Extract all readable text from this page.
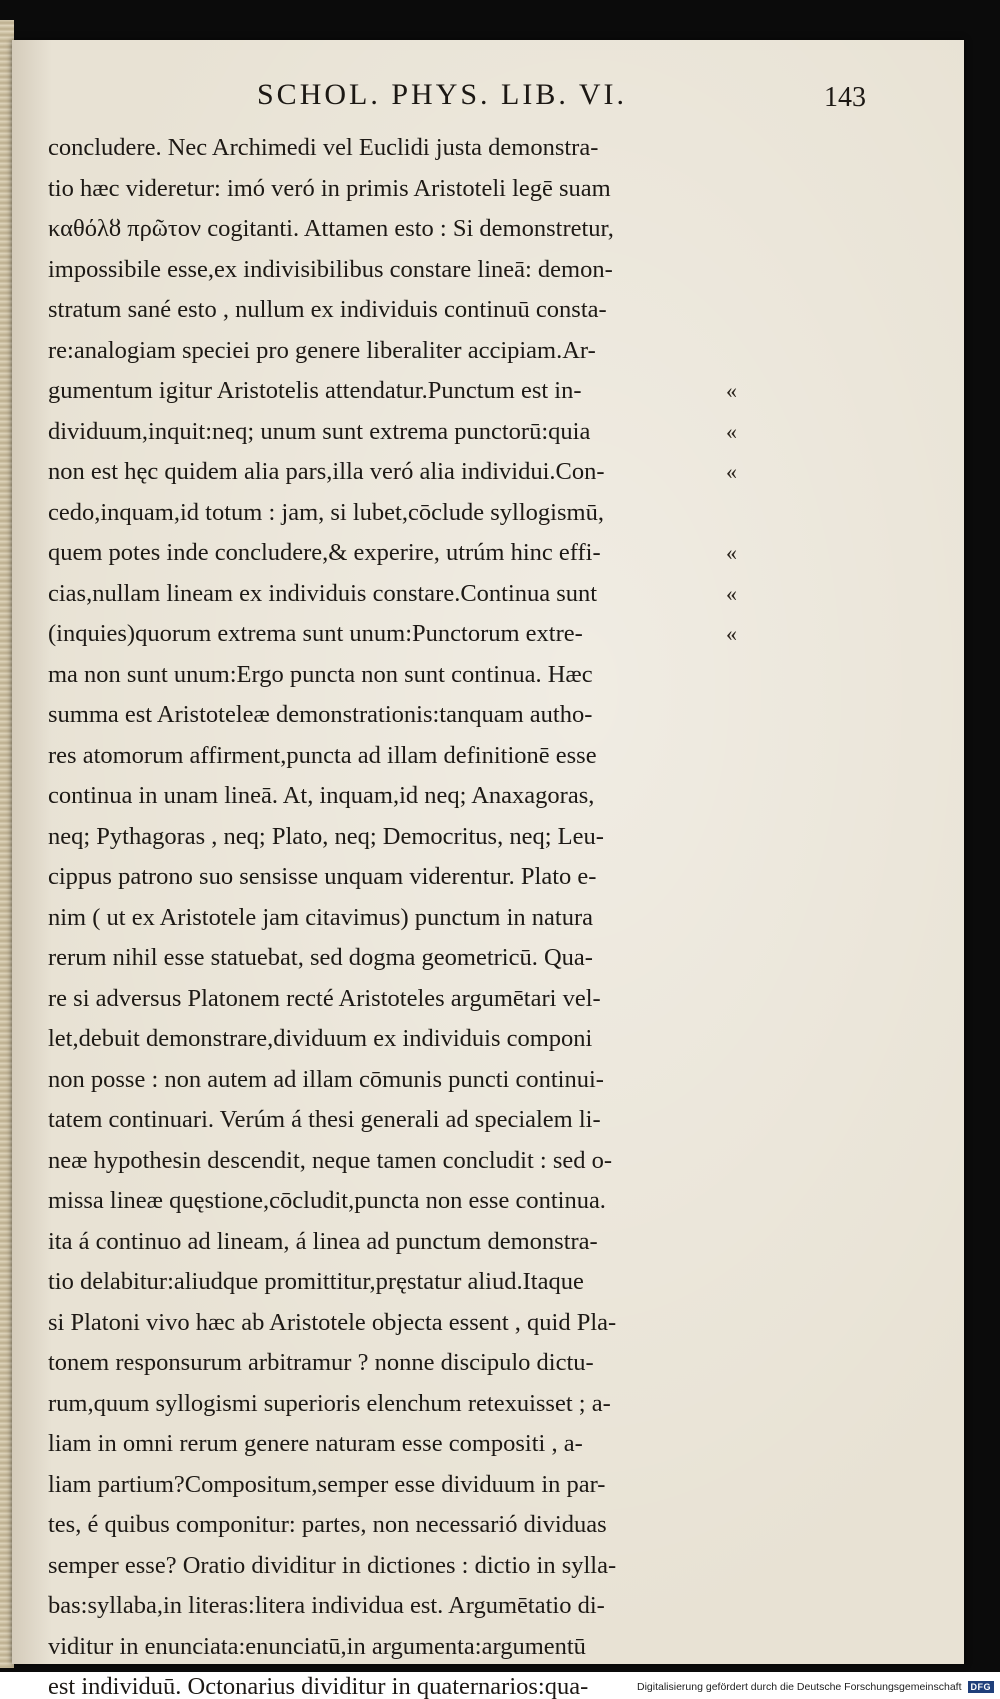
SCHOL. PHYS. LIB. VI.	143
concludere. Nec Archimedi vel Euclidi justa demonstra-
tio hæc videretur: imó veró in primis Aristoteli legē suam
καθόλȣ πρῶτον cogitanti. Attamen esto : Si demonstretur,
impossibile esse,ex indivisibilibus constare lineā: demon-
stratum sané esto , nullum ex individuis continuū consta-
re:analogiam speciei pro genere liberaliter accipiam.Ar-
gumentum igitur Aristotelis attendatur.Punctum est in-
dividuum,inquit:neq; unum sunt extrema punctorū:quia
non est hęc quidem alia pars,illa veró alia individui.Con-
cedo,inquam,id totum : jam, si lubet,cōclude syllogismū,
quem potes inde concludere,& experire, utrúm hinc effi-
cias,nullam lineam ex individuis constare.Continua sunt
(inquies)quorum extrema sunt unum:Punctorum extre-
ma non sunt unum:Ergo puncta non sunt continua. Hæc
summa est Aristoteleæ demonstrationis:tanquam autho-
res atomorum affirment,puncta ad illam definitionē esse
continua in unam lineā. At, inquam,id neq; Anaxagoras,
neq; Pythagoras , neq; Plato, neq; Democritus, neq; Leu-
cippus patrono suo sensisse unquam viderentur. Plato e-
nim ( ut ex Aristotele jam citavimus) punctum in natura
rerum nihil esse statuebat, sed dogma geometricū. Qua-
re si adversus Platonem recté Aristoteles argumētari vel-
let,debuit demonstrare,dividuum ex individuis componi
non posse : non autem ad illam cōmunis puncti continui-
tatem continuari. Verúm á thesi generali ad specialem li-
neæ hypothesin descendit, neque tamen concludit : sed o-
missa lineæ quęstione,cōcludit,puncta non esse continua.
ita á continuo ad lineam, á linea ad punctum demonstra-
tio delabitur:aliudque promittitur,pręstatur aliud.Itaque
si Platoni vivo hæc ab Aristotele objecta essent , quid Pla-
tonem responsurum arbitramur ? nonne discipulo dictu-
rum,quum syllogismi superioris elenchum retexuisset ; a-
liam in omni rerum genere naturam esse compositi , a-
liam partium?Compositum,semper esse dividuum in par-
tes, é quibus componitur: partes, non necessarió dividuas
semper esse? Oratio dividitur in dictiones : dictio in sylla-
bas:syllaba,in literas:litera individua est. Argumētatio di-
viditur in enunciata:enunciatū,in argumenta:argumentū
est individuū. Octonarius dividitur in quaternarios:qua-
«
«
«
«
«
«
Digitalisierung gefördert durch die Deutsche Forschungsgemeinschaft	DFG
